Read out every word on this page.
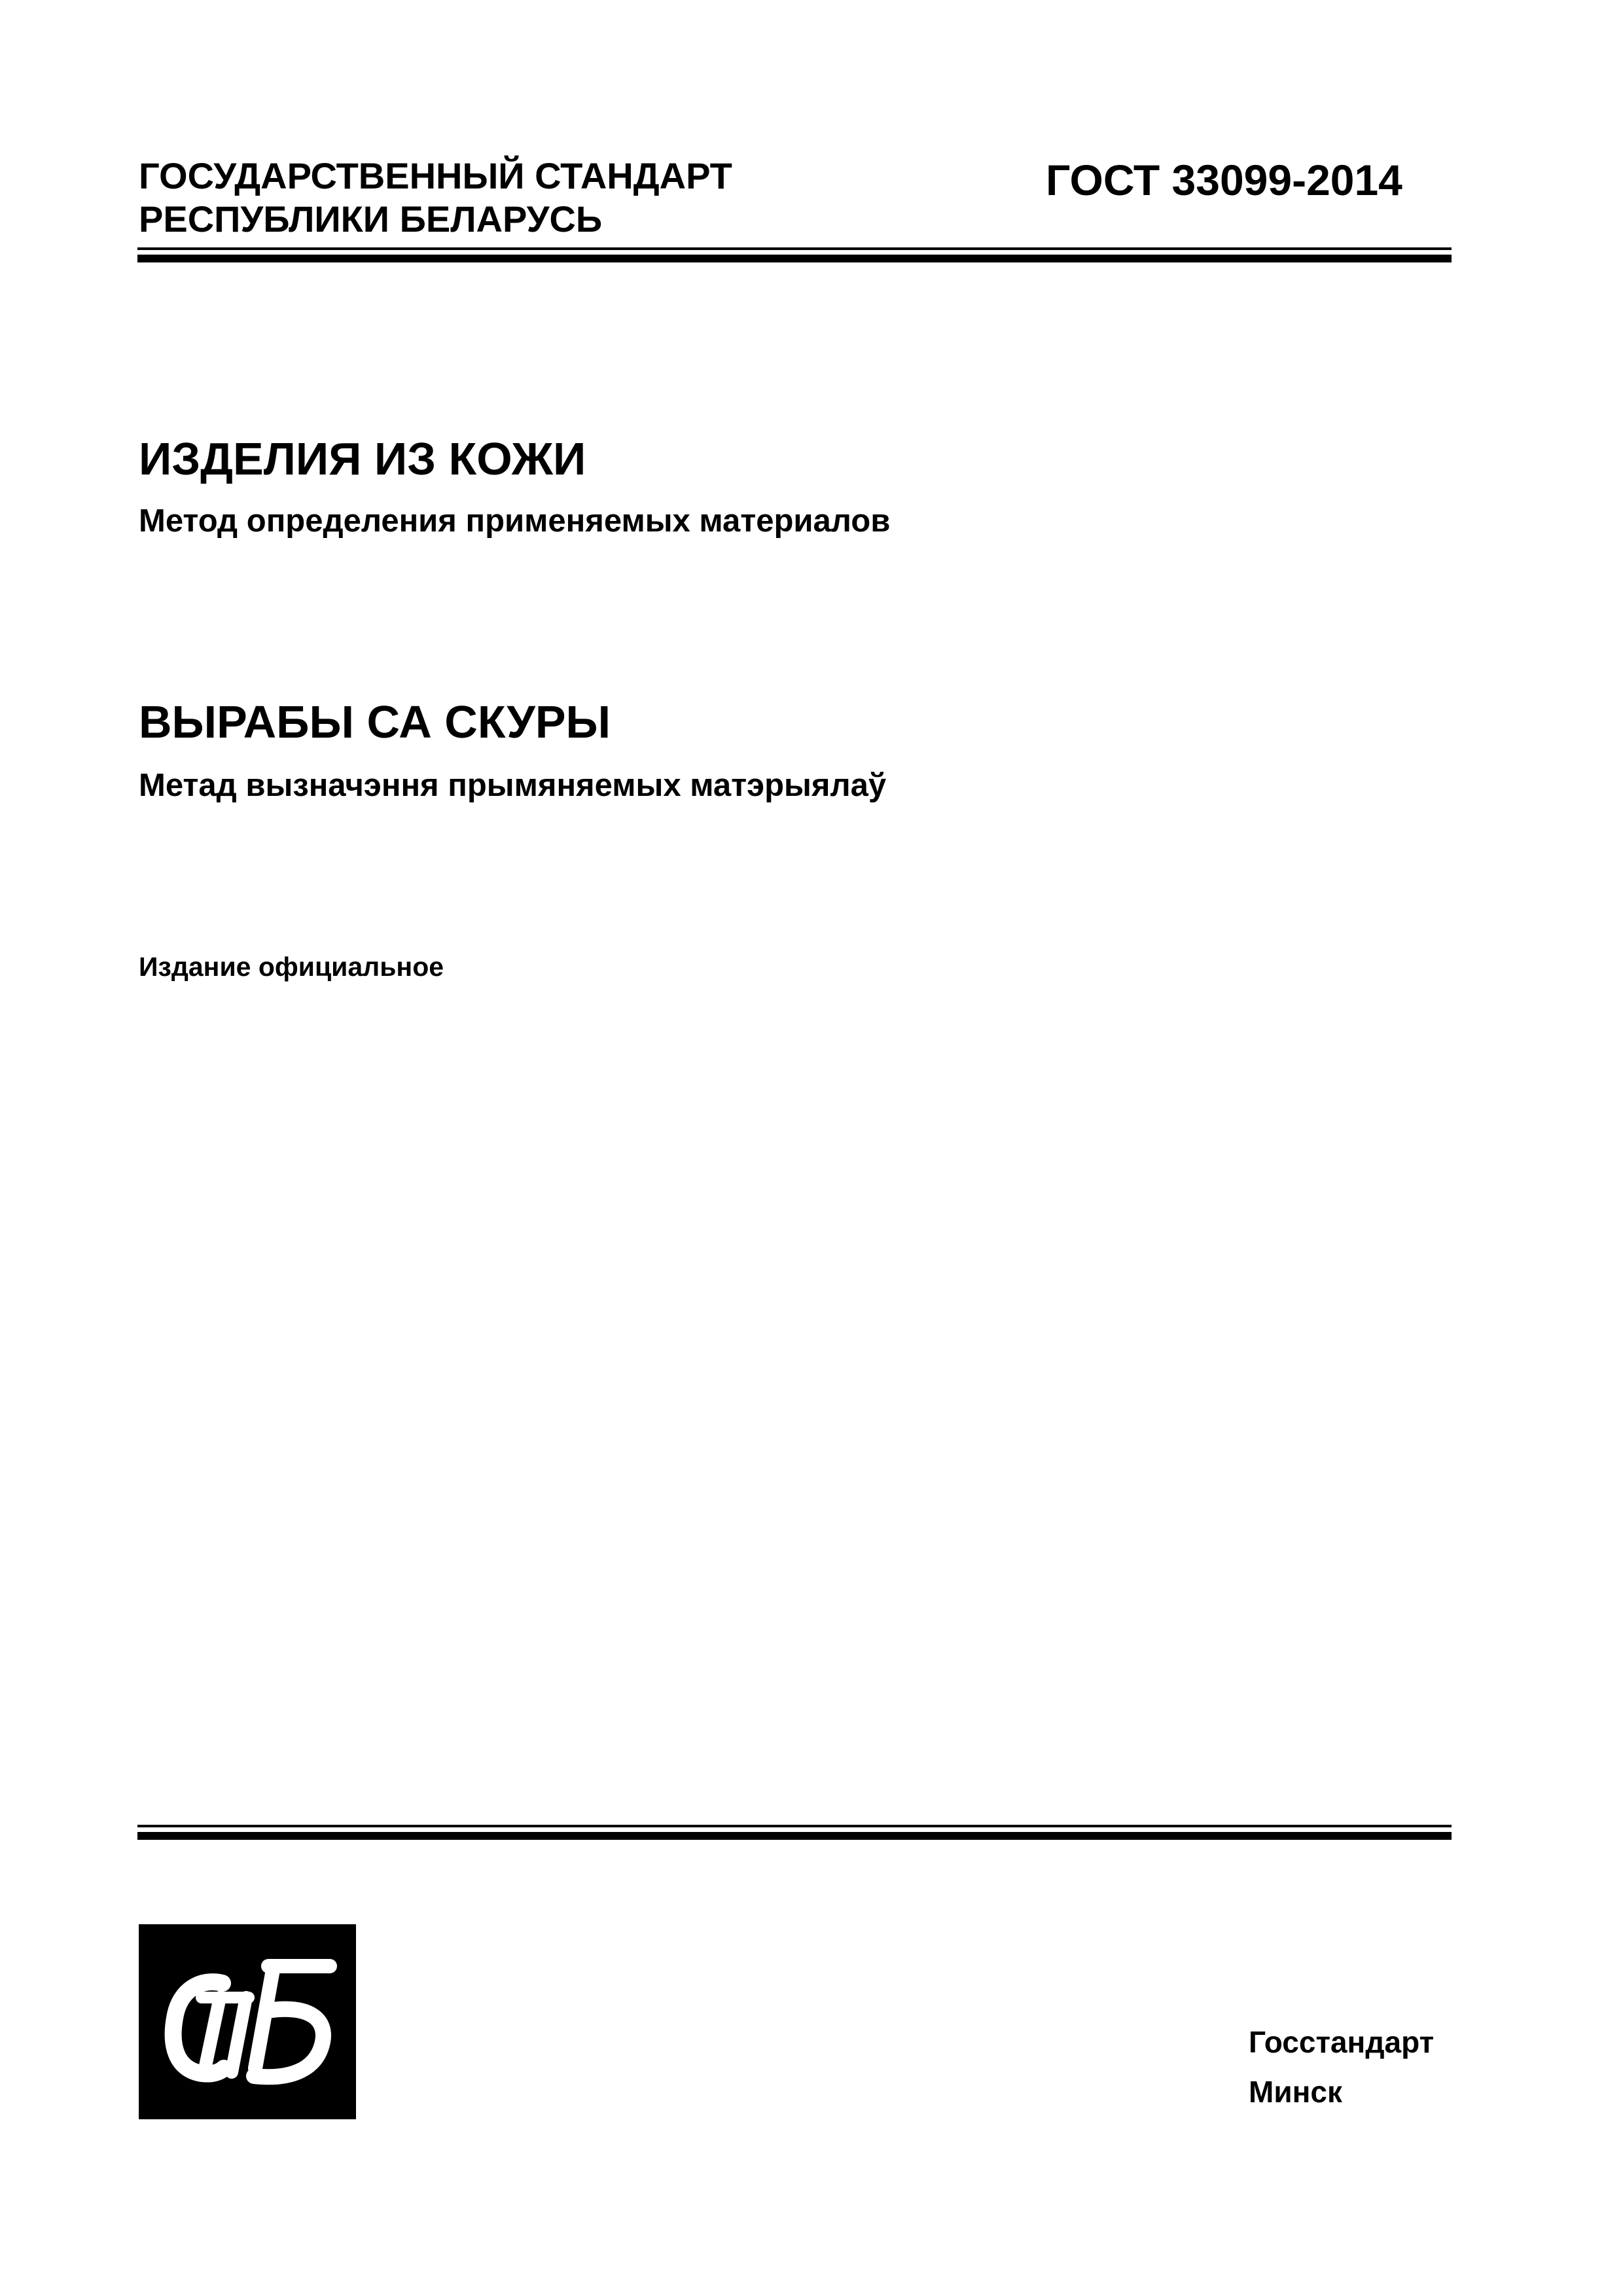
ГОСУДАРСТВЕННЫЙ СТАНДАРТ
РЕСПУБЛИКИ БЕЛАРУСЬ
ГОСТ 33099-2014
ИЗДЕЛИЯ ИЗ КОЖИ
Метод определения применяемых материалов
ВЫРАБЫ СА СКУРЫ
Метад вызначэння прымяняемых матэрыялаў
Издание официальное
Госстандарт
Минск
